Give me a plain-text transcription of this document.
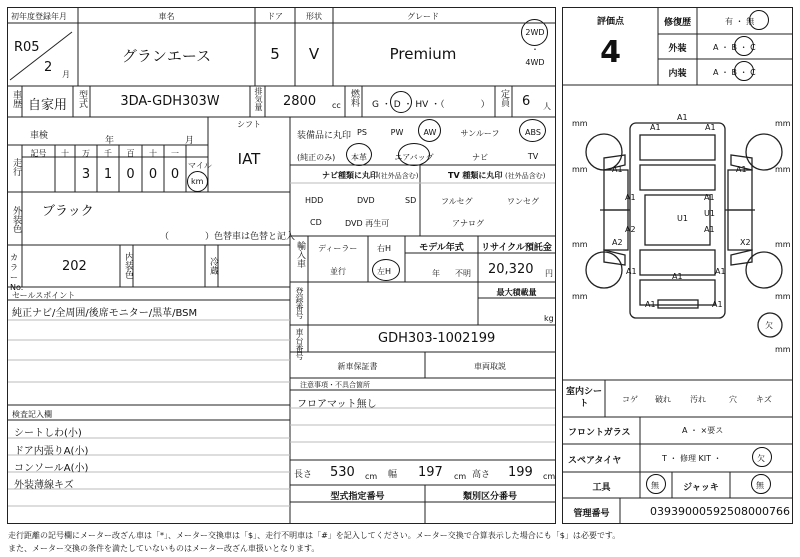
初年度登録年月
R05
2 月
車名
グランエース
ドア
5
形状
V
グレード
Premium
2WD
・
4WD
車歴 自家用 型式	3DA-GDH303W	排気量 2800 cc 燃料 G ・ D ・ HV ・（　　　　） 定員 6 人
車検	年	月
走行
記号	十	万	千	百	十	一
マイル
3	1	0	0	0	km
シフト
IAT
外装色 ブラック
（　　　　）色替車は色替と記入
カラーNo.
202	内装色	冷蔵
セールスポイント
純正ナビ/全周囲/後席モニター/黒革/BSM
検査記入欄
シートしわ(小)
ドア内張りA(小)
コンソールA(小)
外装薄線キズ
装備品に丸印
(純正のみ)
PS	PW	AW	サンルーフ	ABS
本革	エアバッグ	ナビ	TV
ナビ種類に丸印 (社外品含む)
HDD	DVD	SD
CD	DVD 再生可
TV 種類に丸印 (社外品含む)
フルセグ	ワンセグ
アナログ
輸入車 ディーラー
並行
右H
左H
モデル年式
年 不明
リサイクル預託金
20,320 円
登録番号	最大積載量
kg
車台番号	GDH303-1002199
新車保証書	車両取説
注意事項・不具合箇所
フロアマット無し
長さ 530 cm 幅 197 cm 高さ 199 cm
型式指定番号	類別区分番号
評価点
4
修復歴	有 ・ 無
外装	A ・ B ・ C
内装	A ・ B ・ C
A1
A1	A1
A1	A1
A1	A1
U1
A2
A2
A1
X2
A1
A1
A1
A1	A1
U1
mm	mm
mm	mm
mm	mm
mm	mm
欠
mm
室内シート	コゲ 破れ 汚れ	穴 キズ
フロントガラス	A ・ ×要ス
スペアタイヤ	T ・ 修理 KIT ・	欠
工具	無	ジャッキ	無
管理番号	03939000592508000766
走行距離の記号欄にメーター改ざん車は「*」、メーター交換車は「$」、走行不明車は「#」を記入してください。メーター交換で合算表示した場合にも「$」は必要です。
また、メーター交換の条件を満たしていないものはメーター改ざん車扱いとなります。
